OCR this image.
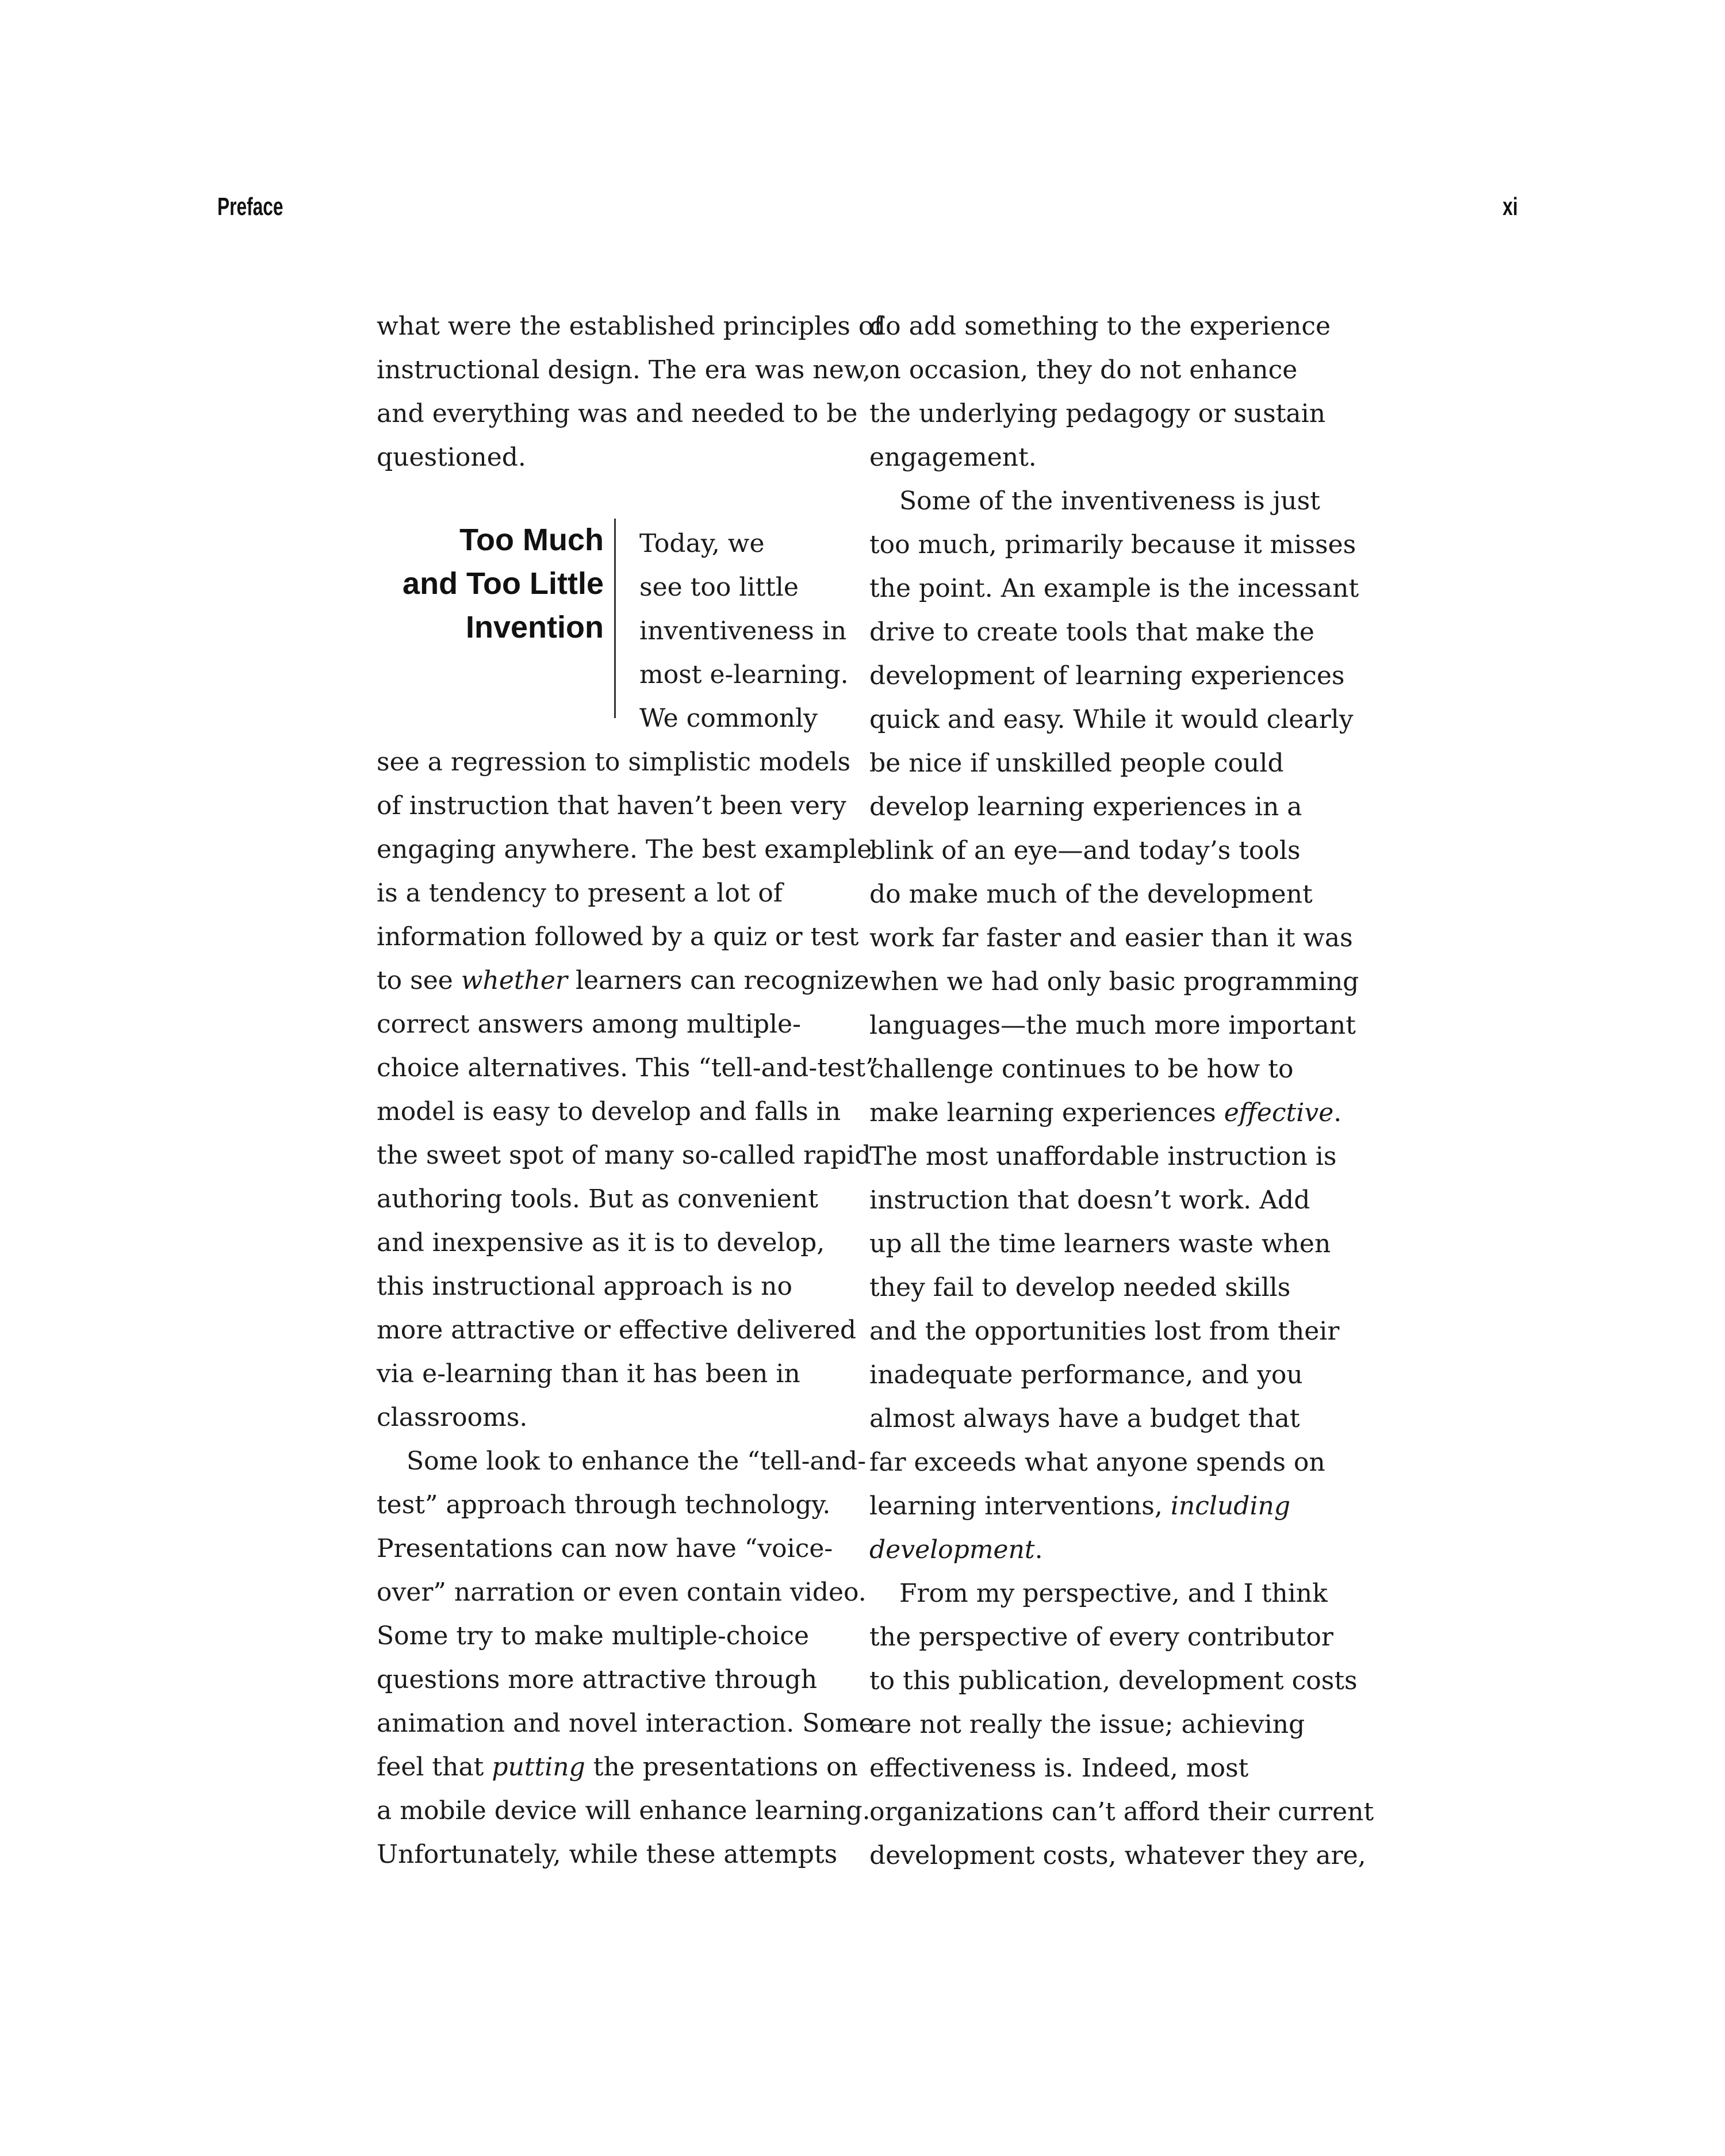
Preface	xi
what were the established principles of
instructional design. The era was new,
and everything was and needed to be
questioned.
Too Much
and Too Little
Invention
Today, we
see too little
inventiveness in
most e-learning.
We commonly
see a regression to simplistic models
of instruction that haven’t been very
engaging anywhere. The best example
is a tendency to present a lot of
information followed by a quiz or test
to see whether learners can recognize
correct answers among multiple-
choice alternatives. This “tell-and-test”
model is easy to develop and falls in
the sweet spot of many so-called rapid
authoring tools. But as convenient
and inexpensive as it is to develop,
this instructional approach is no
more attractive or effective delivered
via e-learning than it has been in
classrooms.
Some look to enhance the “tell-and-
test” approach through technology.
Presentations can now have “voice-
over” narration or even contain video.
Some try to make multiple-choice
questions more attractive through
animation and novel interaction. Some
feel that putting the presentations on
a mobile device will enhance learning.
Unfortunately, while these attempts
do add something to the experience
on occasion, they do not enhance
the underlying pedagogy or sustain
engagement.
Some of the inventiveness is just
too much, primarily because it misses
the point. An example is the incessant
drive to create tools that make the
development of learning experiences
quick and easy. While it would clearly
be nice if unskilled people could
develop learning experiences in a
blink of an eye—and today’s tools
do make much of the development
work far faster and easier than it was
when we had only basic programming
languages—the much more important
challenge continues to be how to
make learning experiences effective.
The most unaffordable instruction is
instruction that doesn’t work. Add
up all the time learners waste when
they fail to develop needed skills
and the opportunities lost from their
inadequate performance, and you
almost always have a budget that
far exceeds what anyone spends on
learning interventions, including
development.
From my perspective, and I think
the perspective of every contributor
to this publication, development costs
are not really the issue; achieving
effectiveness is. Indeed, most
organizations can’t afford their current
development costs, whatever they are,
